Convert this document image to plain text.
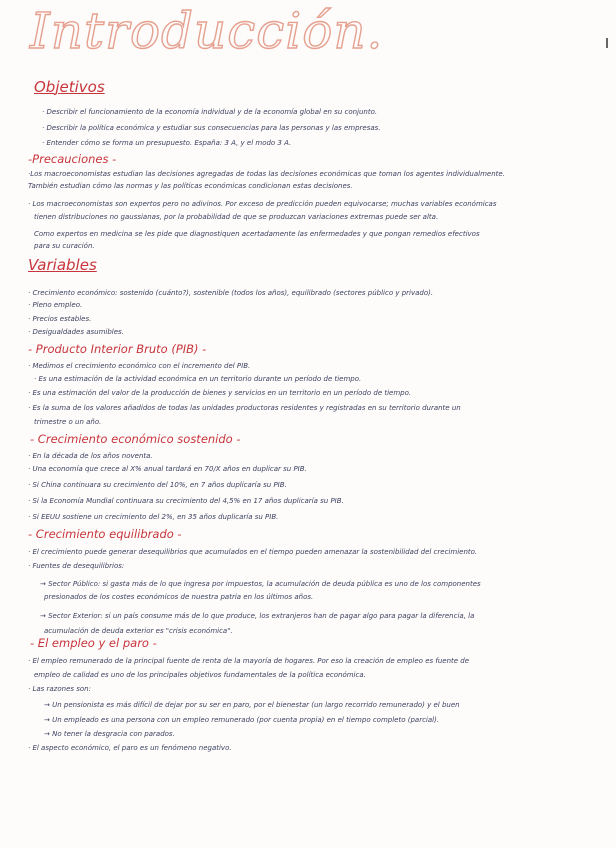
Introducción.
Objetivos
· Describir el funcionamiento de la economía individual y de la economía global en su conjunto.
· Describir la política económica y estudiar sus consecuencias para las personas y las empresas.
· Entender cómo se forma un presupuesto. España: 3 A, y el modo 3 A.
-Precauciones -
·Los macroeconomistas estudian las decisiones agregadas de todas las decisiones económicas que toman los agentes individualmente.
También estudian cómo las normas y las políticas económicas condicionan estas decisiones.
· Los macroeconomistas son expertos pero no adivinos. Por exceso de predicción pueden equivocarse; muchas variables económicas
tienen distribuciones no gaussianas, por la probabilidad de que se produzcan variaciones extremas puede ser alta.
Como expertos en medicina se les pide que diagnostiquen acertadamente las enfermedades y que pongan remedios efectivos
para su curación.
Variables
· Crecimiento económico: sostenido (cuánto?), sostenible (todos los años), equilibrado (sectores público y privado).
· Pleno empleo.
· Precios estables.
· Desigualdades asumibles.
- Producto Interior Bruto (PIB) -
· Medimos el crecimiento económico con el incremento del PIB.
· Es una estimación de la actividad económica en un territorio durante un período de tiempo.
· Es una estimación del valor de la producción de bienes y servicios en un territorio en un período de tiempo.
· Es la suma de los valores añadidos de todas las unidades productoras residentes y registradas en su territorio durante un
trimestre o un año.
- Crecimiento económico sostenido -
· En la década de los años noventa.
· Una economía que crece al X% anual tardará en 70/X años en duplicar su PIB.
· Si China continuara su crecimiento del 10%, en 7 años duplicaría su PIB.
· Si la Economía Mundial continuara su crecimiento del 4,5% en 17 años duplicaría su PIB.
· Si EEUU sostiene un crecimiento del 2%, en 35 años duplicaría su PIB.
- Crecimiento equilibrado -
· El crecimiento puede generar desequilibrios que acumulados en el tiempo pueden amenazar la sostenibilidad del crecimiento.
· Fuentes de desequilibrios:
→ Sector Público: si gasta más de lo que ingresa por impuestos, la acumulación de deuda pública es uno de los componentes
presionados de los costes económicos de nuestra patria en los últimos años.
→ Sector Exterior: si un país consume más de lo que produce, los extranjeros han de pagar algo para pagar la diferencia, la
acumulación de deuda exterior es "crisis económica".
- El empleo y el paro -
· El empleo remunerado de la principal fuente de renta de la mayoría de hogares. Por eso la creación de empleo es fuente de
empleo de calidad es uno de los principales objetivos fundamentales de la política económica.
· Las razones son:
→ Un pensionista es más difícil de dejar por su ser en paro, por el bienestar (un largo recorrido remunerado) y el buen
→ Un empleado es una persona con un empleo remunerado (por cuenta propia) en el tiempo completo (parcial).
→ No tener la desgracia con parados.
· El aspecto económico, el paro es un fenómeno negativo.
